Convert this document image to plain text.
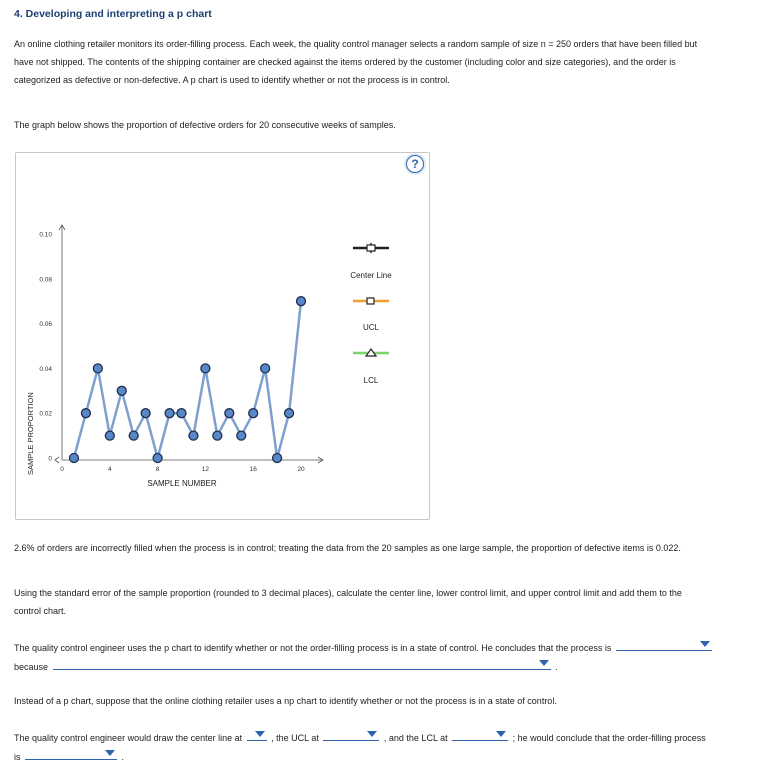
4. Developing and interpreting a p chart
An online clothing retailer monitors its order-filling process. Each week, the quality control manager selects a random sample of size n = 250 orders that have been filled but have not shipped. The contents of the shipping container are checked against the items ordered by the customer (including color and size categories), and the order is categorized as defective or non-defective. A p chart is used to identify whether or not the process is in control.
The graph below shows the proportion of defective orders for 20 consecutive weeks of samples.
?
SAMPLE PROPORTION 0
0.02
0.04
0.06
0.08
0.10
0	4	8	12	16	20
SAMPLE NUMBER
Center Line
UCL
LCL
2.6% of orders are incorrectly filled when the process is in control; treating the data from the 20 samples as one large sample, the proportion of defective items is 0.022.
Using the standard error of the sample proportion (rounded to 3 decimal places), calculate the center line, lower control limit, and upper control limit and add them to the control chart.
The quality control engineer uses the p chart to identify whether or not the order-filling process is in a state of control. He concludes that the process is
because	.
Instead of a p chart, suppose that the online clothing retailer uses a np chart to identify whether or not the process is in a state of control.
The quality control engineer would draw the center line at	, the UCL at	, and the LCL at	; he would conclude that the order-filling process is	.
